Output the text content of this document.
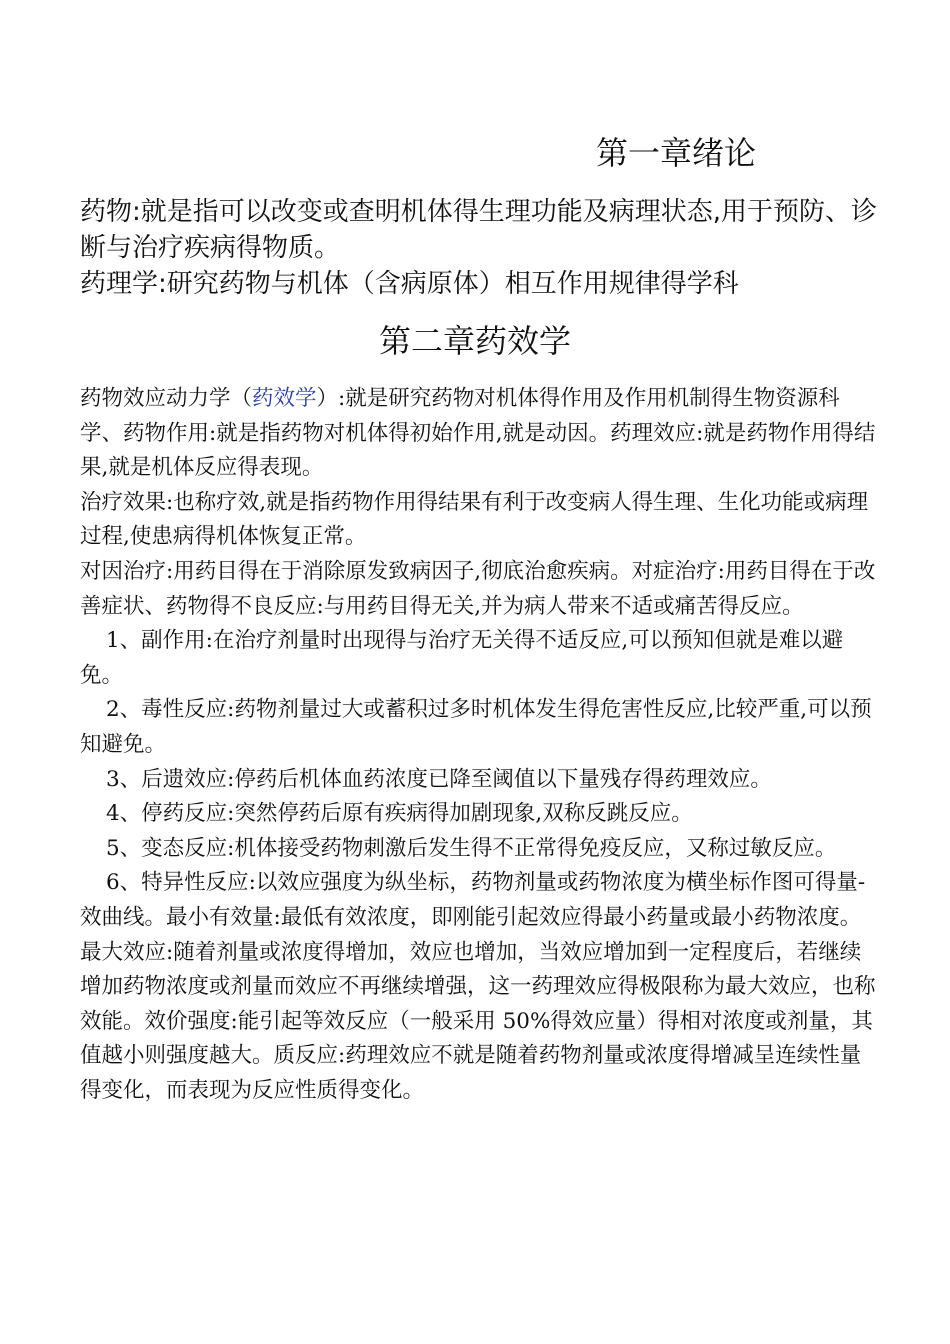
第一章绪论

药物:就是指可以改变或查明机体得生理功能及病理状态,用于预防、诊断与治疗疾病得物质。

药理学:研究药物与机体（含病原体）相互作用规律得学科

第二章药效学

药物效应动力学（药效学）:就是研究药物对机体得作用及作用机制得生物资源科学、药物作用:就是指药物对机体得初始作用,就是动因。药理效应:就是药物作用得结果,就是机体反应得表现。

治疗效果:也称疗效,就是指药物作用得结果有利于改变病人得生理、生化功能或病理过程,使患病得机体恢复正常。

对因治疗:用药目得在于消除原发致病因子,彻底治愈疾病。对症治疗:用药目得在于改善症状、药物得不良反应:与用药目得无关,并为病人带来不适或痛苦得反应。

1、副作用:在治疗剂量时出现得与治疗无关得不适反应,可以预知但就是难以避免。

2、毒性反应:药物剂量过大或蓄积过多时机体发生得危害性反应,比较严重,可以预知避免。

3、后遗效应:停药后机体血药浓度已降至阈值以下量残存得药理效应。

4、停药反应:突然停药后原有疾病得加剧现象,双称反跳反应。

5、变态反应:机体接受药物刺激后发生得不正常得免疫反应，又称过敏反应。

6、特异性反应:以效应强度为纵坐标，药物剂量或药物浓度为横坐标作图可得量-效曲线。最小有效量:最低有效浓度，即刚能引起效应得最小药量或最小药物浓度。最大效应:随着剂量或浓度得增加，效应也增加，当效应增加到一定程度后，若继续增加药物浓度或剂量而效应不再继续增强，这一药理效应得极限称为最大效应，也称效能。效价强度:能引起等效反应（一般采用 50%得效应量）得相对浓度或剂量，其值越小则强度越大。质反应:药理效应不就是随着药物剂量或浓度得增减呈连续性量得变化，而表现为反应性质得变化。
